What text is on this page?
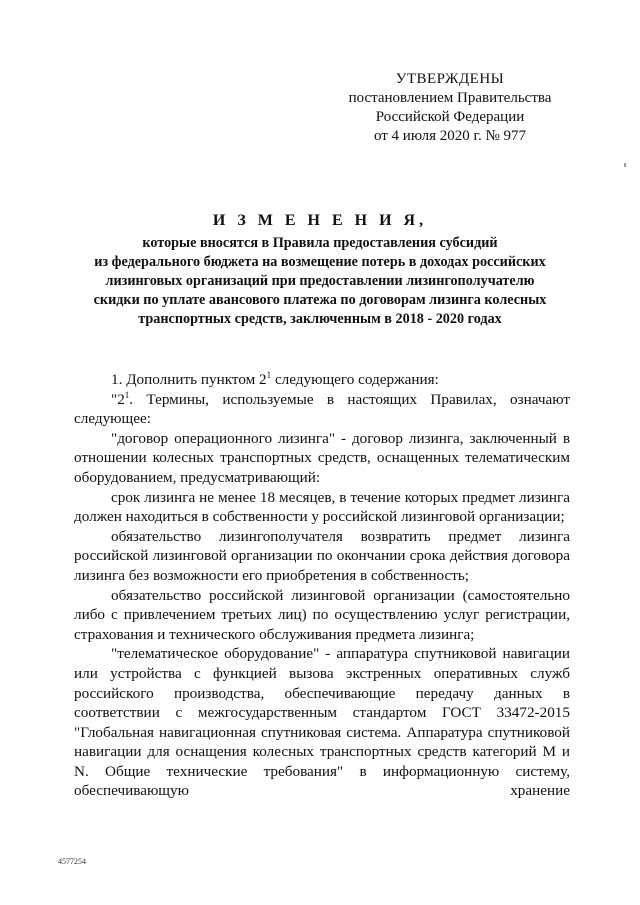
УТВЕРЖДЕНЫ
постановлением Правительства
Российской Федерации
от 4 июля 2020 г. № 977
И З М Е Н Е Н И Я,
которые вносятся в Правила предоставления субсидий
из федерального бюджета на возмещение потерь в доходах российских
лизинговых организаций при предоставлении лизингополучателю
скидки по уплате авансового платежа по договорам лизинга колесных
транспортных средств, заключенным в 2018 - 2020 годах

1. Дополнить пунктом $2^1$ следующего содержания:

"$2^1$. Термины, используемые в настоящих Правилах, означают следующее:

"договор операционного лизинга" - договор лизинга, заключенный в отношении колесных транспортных средств, оснащенных телематическим оборудованием, предусматривающий:

срок лизинга не менее 18 месяцев, в течение которых предмет лизинга должен находиться в собственности у российской лизинговой организации;

обязательство лизингополучателя возвратить предмет лизинга российской лизинговой организации по окончании срока действия договора лизинга без возможности его приобретения в собственность;

обязательство российской лизинговой организации (самостоятельно либо с привлечением третьих лиц) по осуществлению услуг регистрации, страхования и технического обслуживания предмета лизинга;

"телематическое оборудование" - аппаратура спутниковой навигации или устройства с функцией вызова экстренных оперативных служб российского производства, обеспечивающие передачу данных в соответствии с межгосударственным стандартом ГОСТ 33472-2015 "Глобальная навигационная спутниковая система. Аппаратура спутниковой навигации для оснащения колесных транспортных средств категорий M и N. Общие технические требования" в информационную систему, обеспечивающую хранение

4577254
